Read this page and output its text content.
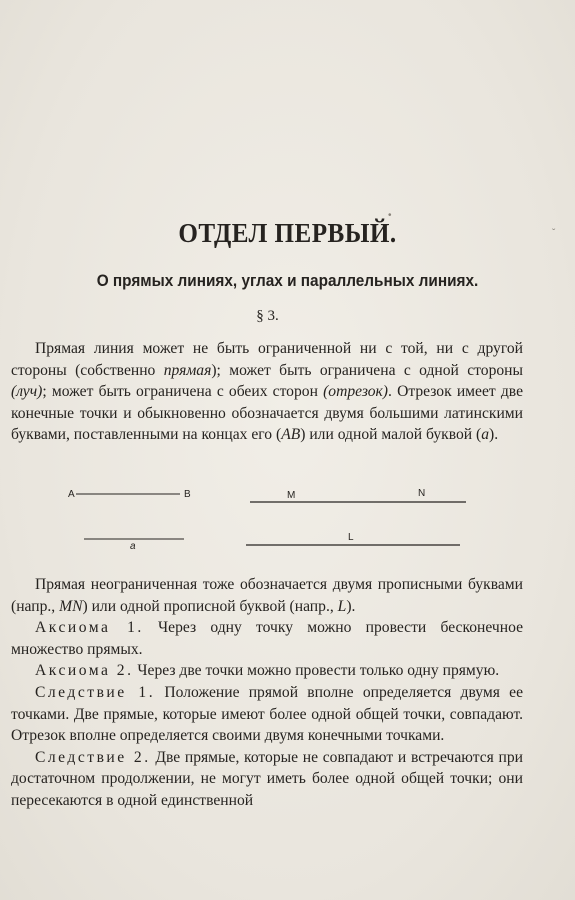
•
ˇ
ОТДЕЛ ПЕРВЫЙ.
О прямых линиях, углах и параллельных линиях.
§ 3.
Прямая линия может не быть ограниченной ни с той, ни с другой стороны (собственно прямая); может быть ограничена с одной стороны (луч); может быть ограничена с обеих сторон (отрезок). Отрезок имеет две конечные точки и обыкновенно обозначается двумя большими латинскими буквами, поставленными на концах его (АВ) или одной малой буквой (a).
A	B	M	N
a
L

Прямая неограниченная тоже обозначается двумя прописными буквами (напр., MN) или одной прописной буквой (напр., L).

Аксиома 1. Через одну точку можно провести бесконечное множество прямых.

Аксиома 2. Через две точки можно провести только одну прямую.

Следствие 1. Положение прямой вполне определяется двумя ее точками. Две прямые, которые имеют более одной общей точки, совпадают. Отрезок вполне определяется своими двумя конечными точками.

Следствие 2. Две прямые, которые не совпадают и встречаются при достаточном продолжении, не могут иметь более одной общей точки; они пересекаются в одной единственной
